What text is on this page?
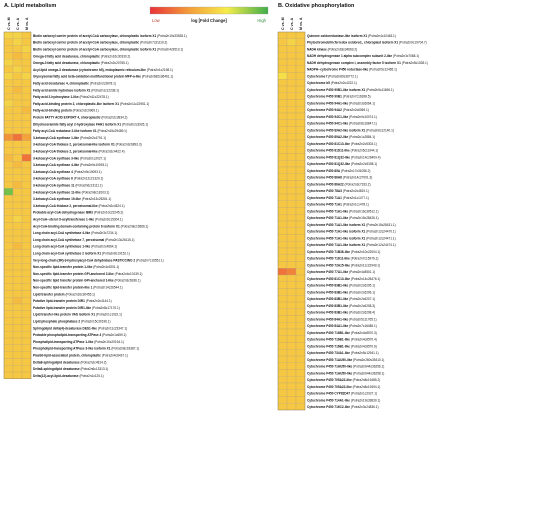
Low	log [Fold Change]	High
A. Lipid metabolism
C vs. M C vs. A M vs. A
Biotin carboxyl carrier protein of acetyl-CoA carboxylase, chloroplastic isoform X1 (Potra2n19c33928.1)
Biotin carboxyl carrier protein of acetyl-CoA carboxylase, chloroplastic (Potra2n7c31119.2)
Biotin carboxyl carrier protein of acetyl-CoA carboxylase, chloroplastic isoform X1 (Potra2n4c9519.1)
Omega-3 fatty acid desaturase, chloroplastic (Potra2n16c30330.2)
Omega-3 fatty acid desaturase, chloroplastic (Potra2n2c20765.1)
Acyl-lipid omega-3 desaturase (cytochrome b5), endoplasmic reticulum-like (Potra2n1c2198.1)
Glyoxysomal fatty acid beta-oxidation multifunctional protein MFP-a-like (Potra2n682s36461.1)
Fatty acid desaturase 4, chloroplastic (Potra2n2c3678.1)
Fatty acid amide hydrolase isoform X1 (Potra2n1c12238.1)
Fatty acid 2-hydroxylase 1-like (Potra2n11c22478.1)
Fatty-acid-binding protein 2, chloroplastic-like isoform X1 (Potra2n11c22951.1)
Fatty-acid-binding protein (Potra2n2c9969.1)
Protein FATTY ACID EXPORT 4, chloroplastic (Potra2n2c3834.2)
Dihydroceramide fatty acyl 2-hydroxylase FAH1 isoform X1 (Potra2n2c3926.1)
Fatty acyl-CoA reductase 2-like isoform X1 (Potra2n15c29489.1)
3-ketoacyl-CoA synthase 1-like (Potra2n2c4791.1)
3-ketoacyl-CoA thiolase 2, peroxisomal-like isoform X1 (Potra2n3c6893.3)
3-ketoacyl-CoA thiolase 2, peroxisomal-like (Potra2n2c4422.4)
3-ketoacyl-CoA synthase 3-like (Potra2n1c2027.1)
3-ketoacyl-CoA synthase 4-like (Potra2n9c19093.1)
3-ketoacyl-CoA synthase 4 (Potra2n9c19093.1)
3-ketoacyl-CoA synthase 6 (Potra2n12c21329.1)
3-ketoacyl-CoA synthase 11 (Potra2n6c13111.1)
3-ketoacyl-CoA synthase 11-like (Potra2n8c18103.1)
3-ketoacyl-CoA synthase 19-like (Potra2n13c25261.1)
3-ketoacyl-CoA thiolase 2, peroxisomal-like (Potra2n2c4524.1)
Probable acyl-CoA dehydrogenase IBR3 (Potra2n10c22245.2)
Acyl-CoA--sterol O-acyltransferase 1-like (Potra2n6c15304.1)
Acyl-CoA-binding domain-containing protein 6 isoform X1 (Potra2n8c16566.1)
Long chain acyl-CoA synthetase 4-like (Potra2n3c7234.1)
Long chain acyl-CoA synthetase 7, peroxisomal (Potra2n13c26115.1)
Long chain acyl-CoA synthetase 1-like (Potra2n2c4664.1)
Long chain acyl-CoA synthetase 2 isoform X1 (Potra2n8c19152.1)
Very-long-chain (3R)-3-hydroxyacyl-CoA dehydratase PASTICCINO 2 (Potra2n7c16551.1)
Non-specific lipid-transfer protein 1-like (Potra2n4c9201.1)
Non-specific lipid-transfer protein GPI-anchored 2-like (Potra2n4c10139.1)
Non-specific lipid transfer protein GPI-anchored 1-like (Potra2n3c6936.1)
Non-specific lipid-transfer protein-like 1 (Potra2n14c26544.1)
Lipid transfer protein (Potra2n16c30455.1)
Putative lipid-transfer protein DIR1 (Potra2n2c4144.1)
Putative lipid-transfer protein DIR1-like (Potra2n8c17170.1)
Lipid transfer-like protein VAS isoform X1 (Potra2n1c1022.1)
Lipid phosphate phosphatase 2 (Potra2n15c30196.1)
Sphingolipid delta(4)-desaturase DES1-like (Potra2n11c23347.1)
Probable phospholipid-transporting ATPase 4 (Potra2n1c659.1)
Phospholipid-transporting ATPase 1-like (Potra2n10c20194.1)
Phospholipid-transporting ATPase 3-like isoform X1 (Potra2n8c18387.1)
Plastid-lipid-associated protein, chloroplastic (Potra2n4c8437.1)
Delta8-sphingolipid desaturase (Potra2n2c4814.2)
Delta8-sphingolipid desaturase (Potra2n6c13313.1)
Delta(12)-acyl-lipid-desaturase (Potra2n1c120.1)
B. Oxidative phosphorylation
C vs. M C vs. A M vs. A
Quinone oxidoreductase-like isoform X1 (Potra2n4c10463.1)
Phytochromobilin:ferredox oxidored., chloroplast isoform X1 (Potra2n9c19704.7)
NADH kinase (Potra2n18s34669.2)
NADH dehydrogenase 1 alpha subcomplex subunit 2-like (Potra2n3c7068.1)
NADH dehydrogenase complex I, assembly factor 5 isoform X1 (Potra2n5c1028.1)
NADPH--cytochrome P450 reductase-like (Potra2n5c12465.1)
Cytochrome f (Potra2n80s36772.1)
Cytochrome b5 (Potra2n2c4222.1)
Cytochrome P450 90B1-like isoform X1 (Potra2n5c11696.1)
Cytochrome P450 90B1 (Potra2n7c16398.5)
Cytochrome P450 94A1-like (Potra2n3c6064.1)
Cytochrome P450 94A2 (Potra2n2c6069.1)
Cytochrome P450 94C1-like (Potra2n9c10074.1)
Cytochrome P450 94C1-like (Potra2n8c16847.1)
Cytochrome P450 89A2-like isoform X1 (Potra2n6c12140.1)
Cytochrome P450 89A2-like (Potra2n1c2884.1)
Cytochrome P450 81C13-like (Potra2n2c5303.1)
Cytochrome P450 81D11-like (Potra2n5c11944.1)
Cytochrome P450 81Q32-like (Potra2n14c26409.4)
Cytochrome P450 81Q32-like (Potra2n2c5308.1)
Cytochrome P450 85A (Potra2n17c31056.2)
Cytochrome P450 86A8 (Potra2n14c27001.3)
Cytochrome P450 86A22 (Potra2n3c7333.2)
Cytochrome P450 78A3 (Potra2n2c4819.1)
Cytochrome P450 71A1 (Potra2n1c1477.1)
Cytochrome P450 71A1 (Potra2n1c1478.1)
Cytochrome P450 71A1-like (Potra2n16c30512.1)
Cytochrome P450 71A1-like (Potra2n15c28426.1)
Cytochrome P450 71A1-like isoform X1 (Potra2n15c28431.1)
Cytochrome P450 71A1-like isoform X1 (Potra2n12c24470.1)
Cytochrome P450 71A1-like isoform X1 (Potra2n12c24471.1)
Cytochrome P450 71A1-like isoform X1 (Potra2n12c24474.1)
Cytochrome P450 71B36-like (Potra2n10c22004.1)
Cytochrome P450 71D11-like (Potra2n7c15976.1)
Cytochrome P450 72A15-like (Potra2n11c22949.1)
Cytochrome P450 77A1-like (Potra2n4c8501.1)
Cytochrome P450 81C13-like (Potra2n14c26476.1)
Cytochrome P450 83B1-like (Potra2n2c6205.1)
Cytochrome P450 83B1-like (Potra2n2c6206.1)
Cytochrome P450 83B1-like (Potra2n2c6207.1)
Cytochrome P450 83B1-like (Potra2n2c6208.3)
Cytochrome P450 83B1-like (Potra2n2c6208.4)
Cytochrome P450 84A1-like (Potra2n5c11765.1)
Cytochrome P450 84A1-like (Potra2n7c16485.1)
Cytochrome P450 716B1-like (Potra2n4c8570.3)
Cytochrome P450 716B1-like (Potra2n4c8570.4)
Cytochrome P450 716B1-like (Potra2n4c8570.6)
Cytochrome P450 734A1-like (Potra2n5c12941.1)
Cytochrome P450 71AU50-like (Potra2n260s35410.1)
Cytochrome P450 71AU50-like (Potra2n644s36256.1)
Cytochrome P450 71AU50-like (Potra2n644s36258.1)
Cytochrome P450 705A22-like (Potra2n8c19485.2)
Cytochrome P450 705A22-like (Potra2n8c19494.1)
Cytochrome P450 CYP82D47 (Potra2n1c2927.1)
Cytochrome P450 714A1-like (Potra2n19s33839.1)
Cytochrome P450 716C2-like (Potra2n3c24836.1)
